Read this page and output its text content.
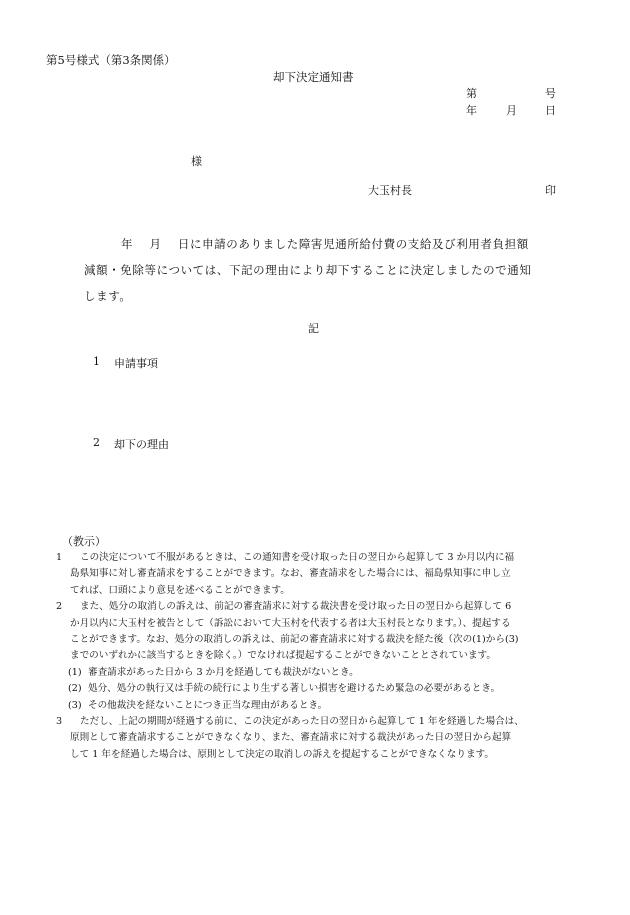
第5号様式（第3条関係）
却下決定通知書
第	号
年	月	日
様
大玉村長	印
年　 月　 日に申請のありました障害児通所給付費の支給及び利用者負担額
減額・免除等については、下記の理由により却下することに決定しましたので通知
します。
記
1 申請事項
2 却下の理由
（教示）
1	この決定について不服があるときは、この通知書を受け取った日の翌日から起算して 3 か月以内に福
島県知事に対し審査請求をすることができます。なお、審査請求をした場合には、福島県知事に申し立
てれば、口頭により意見を述べることができます。
2	また、処分の取消しの訴えは、前記の審査請求に対する裁決書を受け取った日の翌日から起算して 6
か月以内に大玉村を被告として（訴訟において大玉村を代表する者は大玉村長となります。）、提起する
ことができます。なお、処分の取消しの訴えは、前記の審査請求に対する裁決を経た後（次の(1)から(3)
までのいずれかに該当するときを除く。）でなければ提起することができないこととされています。
(1) 審査請求があった日から 3 か月を経過しても裁決がないとき。
(2) 処分、処分の執行又は手続の続行により生ずる著しい損害を避けるため緊急の必要があるとき。
(3) その他裁決を経ないことにつき正当な理由があるとき。
3	ただし、上記の期間が経過する前に、この決定があった日の翌日から起算して 1 年を経過した場合は、
原則として審査請求することができなくなり、また、審査請求に対する裁決があった日の翌日から起算
して 1 年を経過した場合は、原則として決定の取消しの訴えを提起することができなくなります。
